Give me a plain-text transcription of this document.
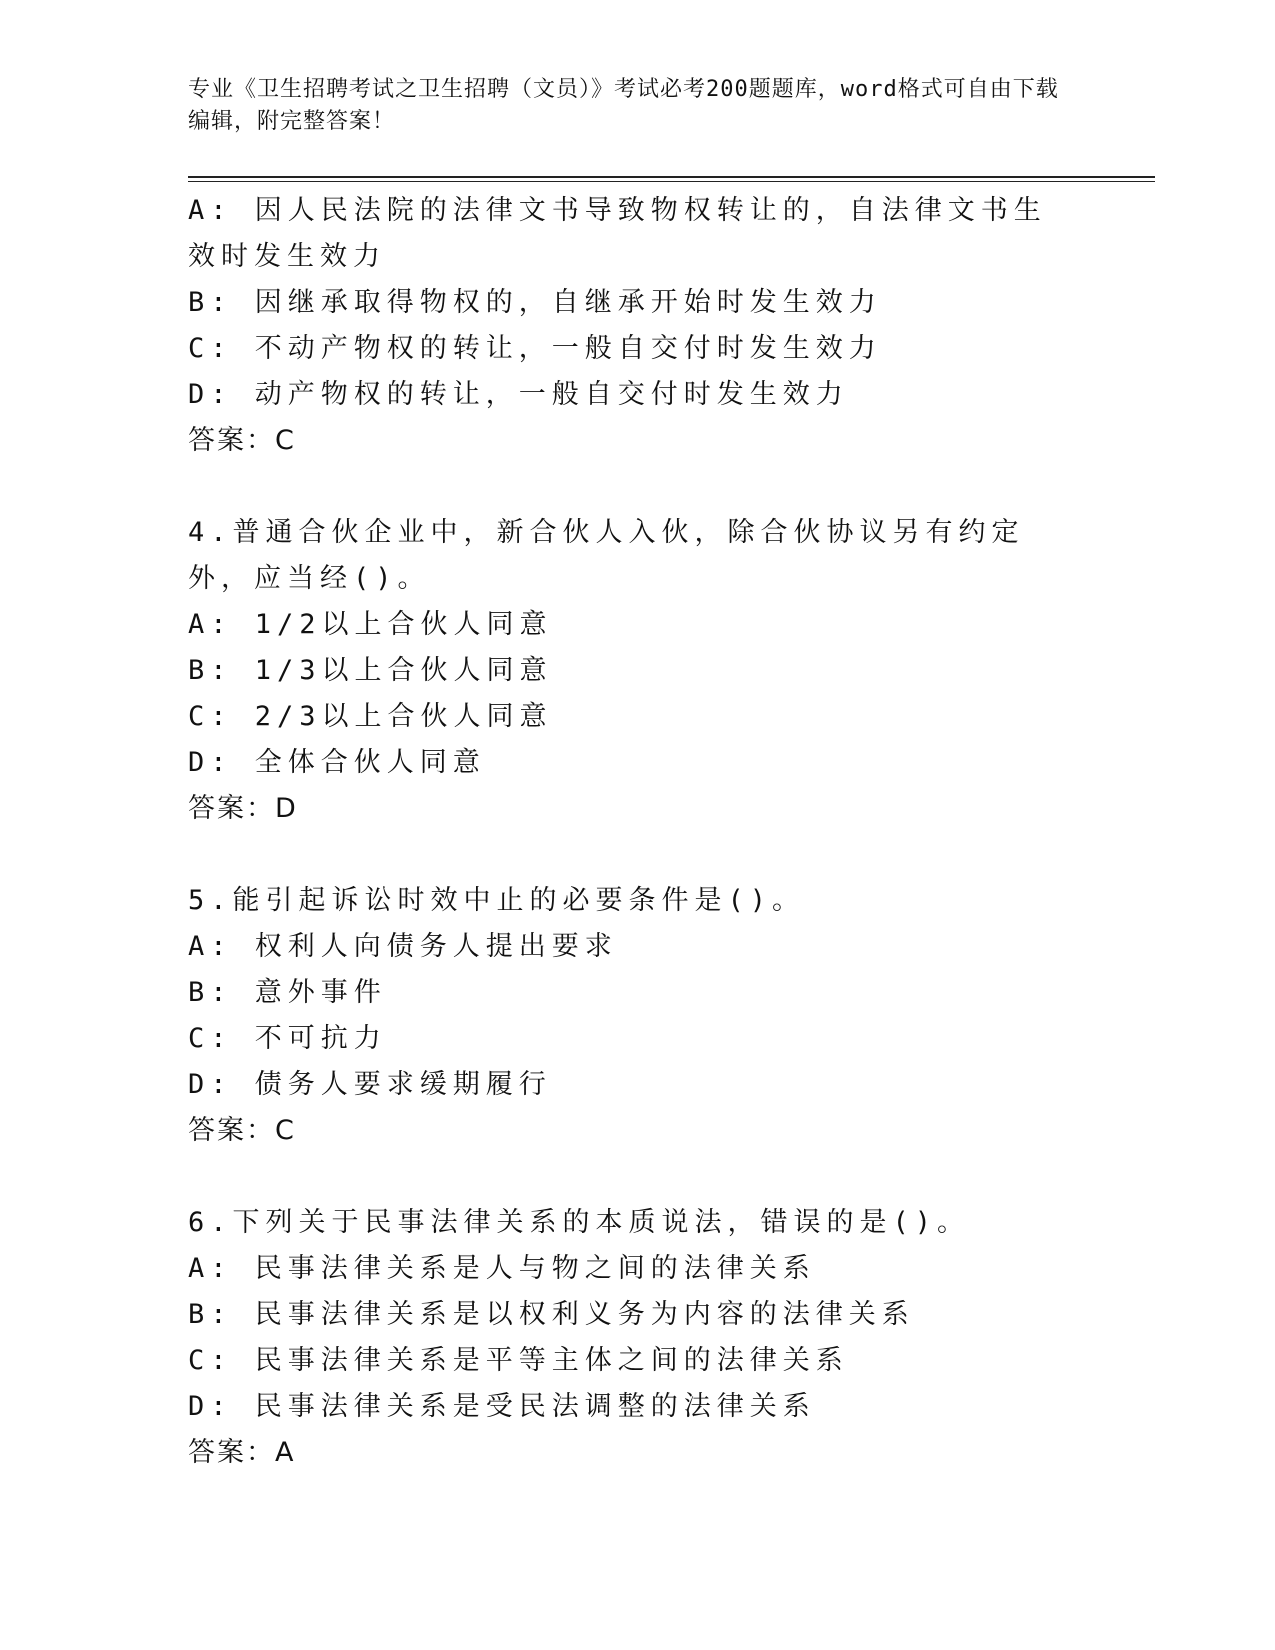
专业《卫生招聘考试之卫生招聘（文员）》考试必考200题题库，word格式可自由下载编辑，附完整答案！
A: 因人民法院的法律文书导致物权转让的，自法律文书生效时发生效力
B: 因继承取得物权的，自继承开始时发生效力
C: 不动产物权的转让，一般自交付时发生效力
D: 动产物权的转让，一般自交付时发生效力
答案：C
4.普通合伙企业中，新合伙人入伙，除合伙协议另有约定外，应当经()。
A: 1/2以上合伙人同意
B: 1/3以上合伙人同意
C: 2/3以上合伙人同意
D: 全体合伙人同意
答案：D
5.能引起诉讼时效中止的必要条件是()。
A: 权利人向债务人提出要求
B: 意外事件
C: 不可抗力
D: 债务人要求缓期履行
答案：C
6.下列关于民事法律关系的本质说法，错误的是()。
A: 民事法律关系是人与物之间的法律关系
B: 民事法律关系是以权利义务为内容的法律关系
C: 民事法律关系是平等主体之间的法律关系
D: 民事法律关系是受民法调整的法律关系
答案：A
